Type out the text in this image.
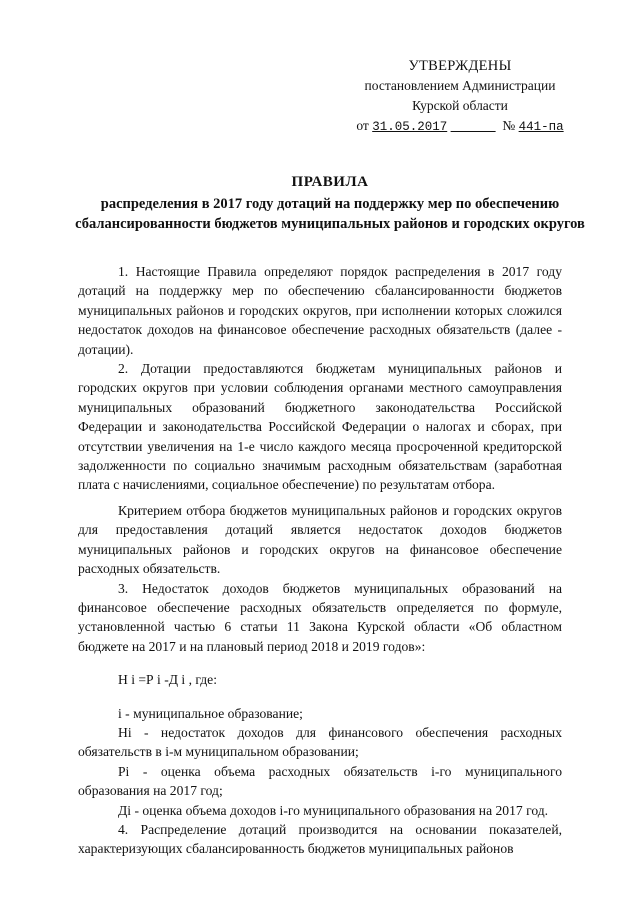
УТВЕРЖДЕНЫ
постановлением Администрации
Курской области
от 31.05.2017	№ 441-па
ПРАВИЛА
распределения в 2017 году дотаций на поддержку мер по обеспечению сбалансированности бюджетов муниципальных районов и городских округов

1. Настоящие Правила определяют порядок распределения в 2017 году дотаций на поддержку мер по обеспечению сбалансированности бюджетов муниципальных районов и городских округов, при исполнении которых сложился недостаток доходов на финансовое обеспечение расходных обязательств (далее - дотации).

2. Дотации предоставляются бюджетам муниципальных районов и городских округов при условии соблюдения органами местного самоуправления муниципальных образований бюджетного законодательства Российской Федерации и законодательства Российской Федерации о налогах и сборах, при отсутствии увеличения на 1-е число каждого месяца просроченной кредиторской задолженности по социально значимым расходным обязательствам (заработная плата с начислениями, социальное обеспечение) по результатам отбора.

Критерием отбора бюджетов муниципальных районов и городских округов для предоставления дотаций является недостаток доходов бюджетов муниципальных районов и городских округов на финансовое обеспечение расходных обязательств.

3. Недостаток доходов бюджетов муниципальных образований на финансовое обеспечение расходных обязательств определяется по формуле, установленной частью 6 статьи 11 Закона Курской области «Об областном бюджете на 2017 и на плановый период 2018 и 2019 годов»:

Н i =Р i -Д i , где:

i - муниципальное образование;

Нi - недостаток доходов для финансового обеспечения расходных обязательств в i-м муниципальном образовании;

Рi - оценка объема расходных обязательств i-го муниципального образования на 2017 год;

Дi - оценка объема доходов i-го муниципального образования на 2017 год.

4. Распределение дотаций производится на основании показателей, характеризующих сбалансированность бюджетов муниципальных районов
